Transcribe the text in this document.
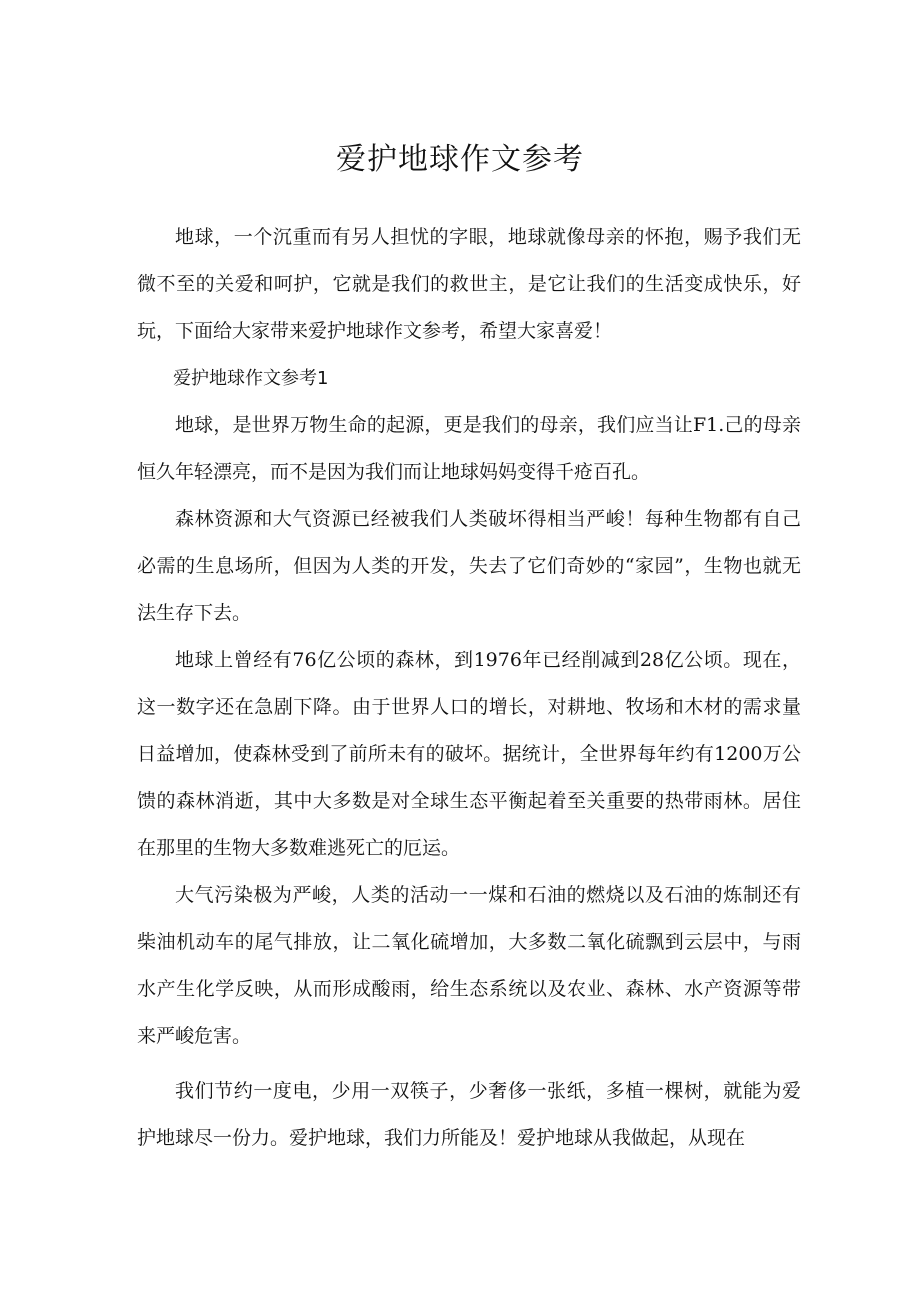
爱护地球作文参考

地球，一个沉重而有另人担忧的字眼，地球就像母亲的怀抱，赐予我们无微不至的关爱和呵护，它就是我们的救世主，是它让我们的生活变成快乐，好玩，下面给大家带来爱护地球作文参考，希望大家喜爱！

爱护地球作文参考1

地球，是世界万物生命的起源，更是我们的母亲，我们应当让F1.己的母亲恒久年轻漂亮，而不是因为我们而让地球妈妈变得千疮百孔。

森林资源和大气资源已经被我们人类破坏得相当严峻！每种生物都有自己必需的生息场所，但因为人类的开发，失去了它们奇妙的“家园”，生物也就无法生存下去。

地球上曾经有76亿公顷的森林，到1976年已经削减到28亿公顷。现在，这一数字还在急剧下降。由于世界人口的增长，对耕地、牧场和木材的需求量日益增加，使森林受到了前所未有的破坏。据统计，全世界每年约有1200万公馈的森林消逝，其中大多数是对全球生态平衡起着至关重要的热带雨林。居住在那里的生物大多数难逃死亡的厄运。

大气污染极为严峻，人类的活动一一煤和石油的燃烧以及石油的炼制还有柴油机动车的尾气排放，让二氧化硫增加，大多数二氧化硫飘到云层中，与雨水产生化学反映，从而形成酸雨，给生态系统以及农业、森林、水产资源等带来严峻危害。

我们节约一度电，少用一双筷子，少奢侈一张纸，多植一棵树，就能为爱护地球尽一份力。爱护地球，我们力所能及！爱护地球从我做起，从现在
